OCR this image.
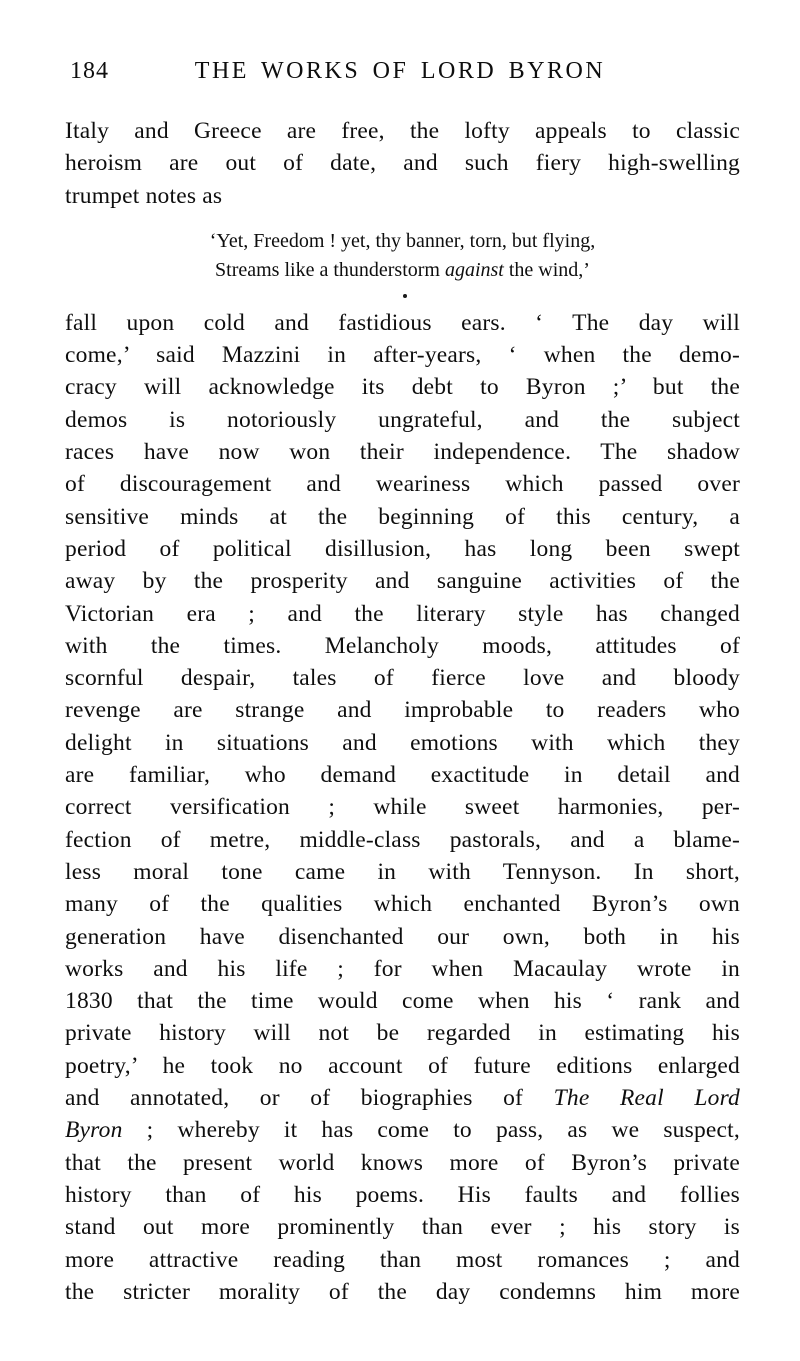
184	THE WORKS OF LORD BYRON
Italy and Greece are free, the lofty appeals to classic
heroism are out of date, and such fiery high-swelling
trumpet notes as
‘Yet, Freedom ! yet, thy banner, torn, but flying,
Streams like a thunderstorm against the wind,’
fall upon cold and fastidious ears. ‘ The day will
come,’ said Mazzini in after-years, ‘ when the demo-
cracy will acknowledge its debt to Byron ;’ but the
demos is notoriously ungrateful, and the subject
races have now won their independence. The shadow
of discouragement and weariness which passed over
sensitive minds at the beginning of this century, a
period of political disillusion, has long been swept
away by the prosperity and sanguine activities of the
Victorian era ; and the literary style has changed
with the times. Melancholy moods, attitudes of
scornful despair, tales of fierce love and bloody
revenge are strange and improbable to readers who
delight in situations and emotions with which they
are familiar, who demand exactitude in detail and
correct versification ; while sweet harmonies, per-
fection of metre, middle-class pastorals, and a blame-
less moral tone came in with Tennyson. In short,
many of the qualities which enchanted Byron’s own
generation have disenchanted our own, both in his
works and his life ; for when Macaulay wrote in
1830 that the time would come when his ‘ rank and
private history will not be regarded in estimating his
poetry,’ he took no account of future editions enlarged
and annotated, or of biographies of The Real Lord
Byron ; whereby it has come to pass, as we suspect,
that the present world knows more of Byron’s private
history than of his poems. His faults and follies
stand out more prominently than ever ; his story is
more attractive reading than most romances ; and
the stricter morality of the day condemns him more
